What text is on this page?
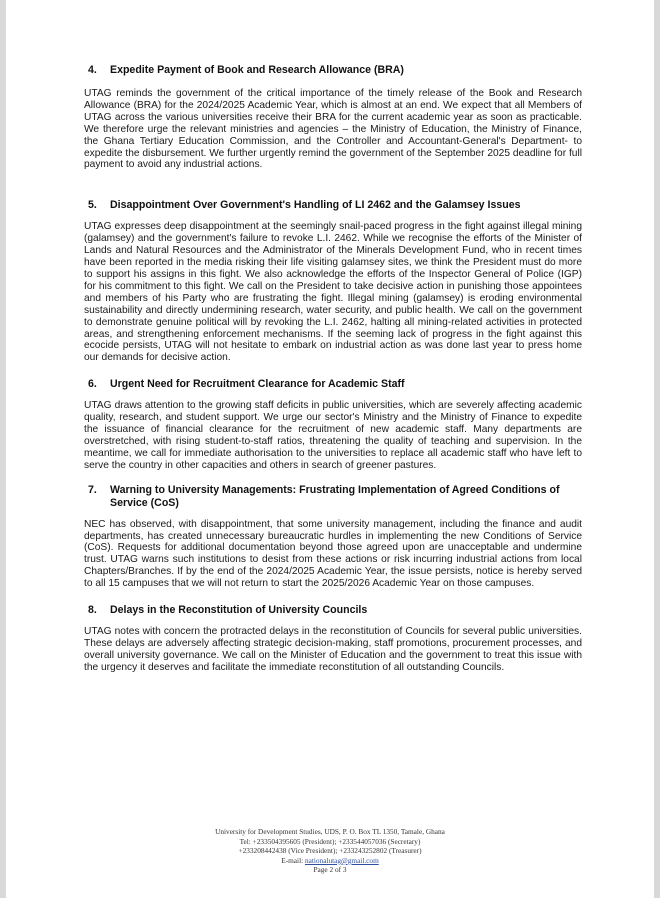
4.	Expedite Payment of Book and Research Allowance (BRA)

UTAG reminds the government of the critical importance of the timely release of the Book and Research Allowance (BRA) for the 2024/2025 Academic Year, which is almost at an end. We expect that all Members of UTAG across the various universities receive their BRA for the current academic year as soon as practicable. We therefore urge the relevant ministries and agencies – the Ministry of Education, the Ministry of Finance, the Ghana Tertiary Education Commission, and the Controller and Accountant-General's Department- to expedite the disbursement. We further urgently remind the government of the September 2025 deadline for full payment to avoid any industrial actions.

5.	Disappointment Over Government's Handling of LI 2462 and the Galamsey Issues

UTAG expresses deep disappointment at the seemingly snail-paced progress in the fight against illegal mining (galamsey) and the government's failure to revoke L.I. 2462. While we recognise the efforts of the Minister of Lands and Natural Resources and the Administrator of the Minerals Development Fund, who in recent times have been reported in the media risking their life visiting galamsey sites, we think the President must do more to support his assigns in this fight. We also acknowledge the efforts of the Inspector General of Police (IGP) for his commitment to this fight. We call on the President to take decisive action in punishing those appointees and members of his Party who are frustrating the fight. Illegal mining (galamsey) is eroding environmental sustainability and directly undermining research, water security, and public health. We call on the government to demonstrate genuine political will by revoking the L.I. 2462, halting all mining-related activities in protected areas, and strengthening enforcement mechanisms. If the seeming lack of progress in the fight against this ecocide persists, UTAG will not hesitate to embark on industrial action as was done last year to press home our demands for decisive action.

6.	Urgent Need for Recruitment Clearance for Academic Staff

UTAG draws attention to the growing staff deficits in public universities, which are severely affecting academic quality, research, and student support. We urge our sector's Ministry and the Ministry of Finance to expedite the issuance of financial clearance for the recruitment of new academic staff. Many departments are overstretched, with rising student-to-staff ratios, threatening the quality of teaching and supervision. In the meantime, we call for immediate authorisation to the universities to replace all academic staff who have left to serve the country in other capacities and others in search of greener pastures.

7.	Warning to University Managements: Frustrating Implementation of Agreed Conditions of Service (CoS)

NEC has observed, with disappointment, that some university management, including the finance and audit departments, has created unnecessary bureaucratic hurdles in implementing the new Conditions of Service (CoS). Requests for additional documentation beyond those agreed upon are unacceptable and undermine trust. UTAG warns such institutions to desist from these actions or risk incurring industrial actions from local Chapters/Branches. If by the end of the 2024/2025 Academic Year, the issue persists, notice is hereby served to all 15 campuses that we will not return to start the 2025/2026 Academic Year on those campuses.

8.	Delays in the Reconstitution of University Councils

UTAG notes with concern the protracted delays in the reconstitution of Councils for several public universities. These delays are adversely affecting strategic decision-making, staff promotions, procurement processes, and overall university governance. We call on the Minister of Education and the government to treat this issue with the urgency it deserves and facilitate the immediate reconstitution of all outstanding Councils.

University for Development Studies, UDS, P. O. Box TL 1350, Tamale, Ghana
Tel: +233504395605 (President); +233544057036 (Secretary)
+233208442438 (Vice President); +233243252802 (Treasurer)
E-mail: nationalutag@gmail.com
Page 2 of 3
